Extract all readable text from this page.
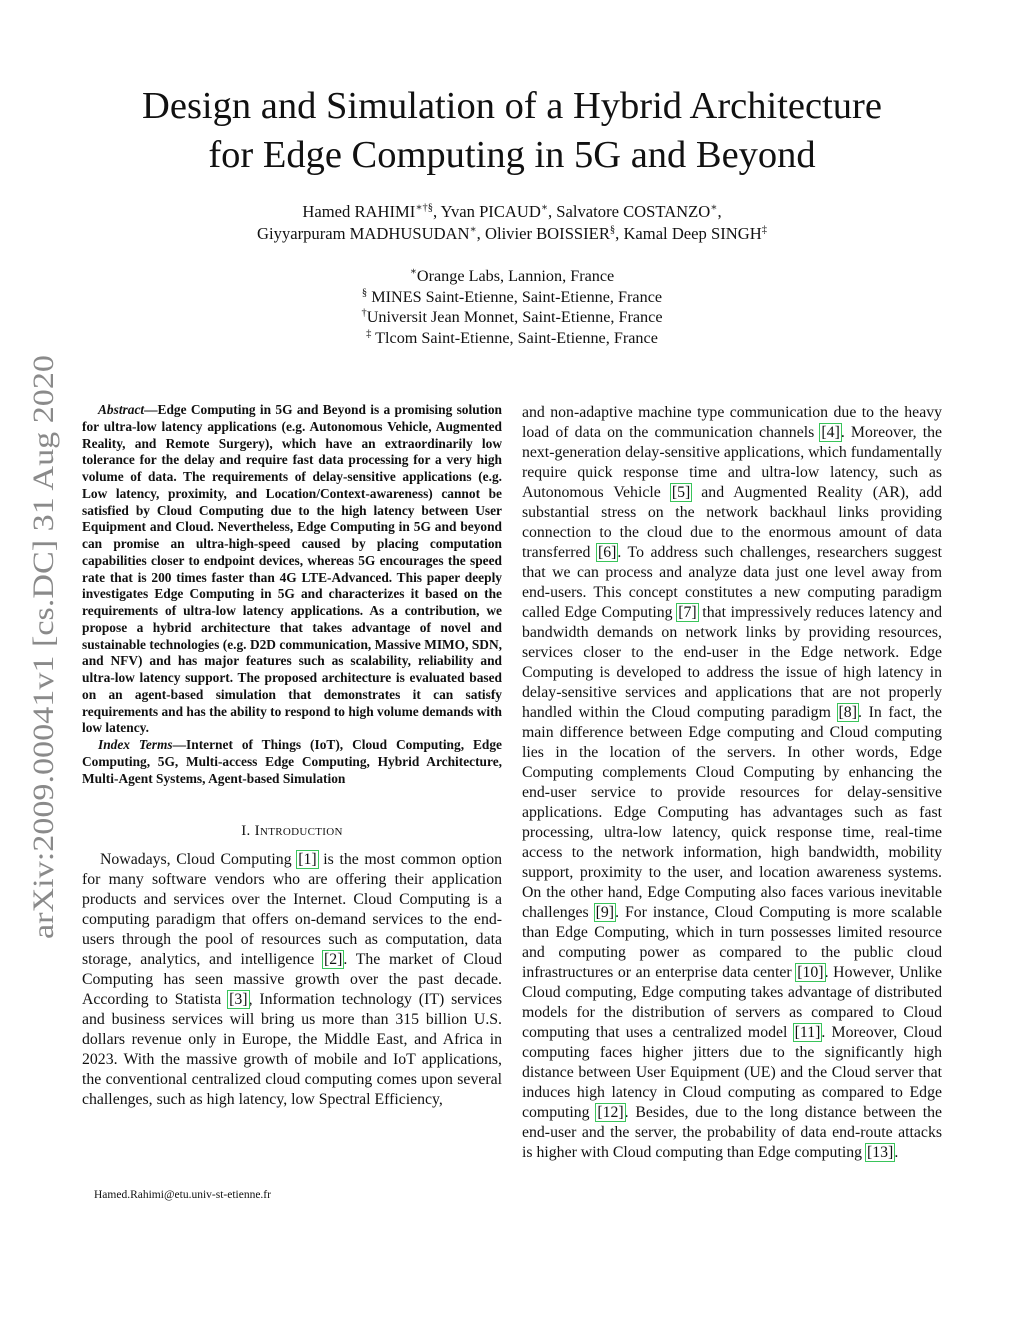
arXiv:2009.00041v1 [cs.DC] 31 Aug 2020
Design and Simulation of a Hybrid Architecture
for Edge Computing in 5G and Beyond
Hamed RAHIMI∗†§, Yvan PICAUD∗, Salvatore COSTANZO∗,
Giyyarpuram MADHUSUDAN∗, Olivier BOISSIER§, Kamal Deep SINGH‡
∗Orange Labs, Lannion, France
§ MINES Saint-Etienne, Saint-Etienne, France
†Universit Jean Monnet, Saint-Etienne, France
‡ Tlcom Saint-Etienne, Saint-Etienne, France

Abstract—Edge Computing in 5G and Beyond is a promising solution for ultra-low latency applications (e.g. Autonomous Vehicle, Augmented Reality, and Remote Surgery), which have an extraordinarily low tolerance for the delay and require fast data processing for a very high volume of data. The requirements of delay-sensitive applications (e.g. Low latency, proximity, and Location/Context-awareness) cannot be satisfied by Cloud Computing due to the high latency between User Equipment and Cloud. Nevertheless, Edge Computing in 5G and beyond can promise an ultra-high-speed caused by placing computation capabilities closer to endpoint devices, whereas 5G encourages the speed rate that is 200 times faster than 4G LTE-Advanced. This paper deeply investigates Edge Computing in 5G and characterizes it based on the requirements of ultra-low latency applications. As a contribution, we propose a hybrid architecture that takes advantage of novel and sustainable technologies (e.g. D2D communication, Massive MIMO, SDN, and NFV) and has major features such as scalability, reliability and ultra-low latency support. The proposed architecture is evaluated based on an agent-based simulation that demonstrates it can satisfy requirements and has the ability to respond to high volume demands with low latency.

Index Terms—Internet of Things (IoT), Cloud Computing, Edge Computing, 5G, Multi-access Edge Computing, Hybrid Architecture, Multi-Agent Systems, Agent-based Simulation

I. Introduction

Nowadays, Cloud Computing [1] is the most common option for many software vendors who are offering their application products and services over the Internet. Cloud Computing is a computing paradigm that offers on-demand services to the end-users through the pool of resources such as computation, data storage, analytics, and intelligence [2]. The market of Cloud Computing has seen massive growth over the past decade. According to Statista [3], Information technology (IT) services and business services will bring us more than 315 billion U.S. dollars revenue only in Europe, the Middle East, and Africa in 2023. With the massive growth of mobile and IoT applications, the conventional centralized cloud computing comes upon several challenges, such as high latency, low Spectral Efficiency,

and non-adaptive machine type communication due to the heavy load of data on the communication channels [4]. Moreover, the next-generation delay-sensitive applications, which fundamentally require quick response time and ultra-low latency, such as Autonomous Vehicle [5] and Augmented Reality (AR), add substantial stress on the network backhaul links providing connection to the cloud due to the enormous amount of data transferred [6]. To address such challenges, researchers suggest that we can process and analyze data just one level away from end-users. This concept constitutes a new computing paradigm called Edge Computing [7] that impressively reduces latency and bandwidth demands on network links by providing resources, services closer to the end-user in the Edge network. Edge Computing is developed to address the issue of high latency in delay-sensitive services and applications that are not properly handled within the Cloud computing paradigm [8]. In fact, the main difference between Edge computing and Cloud computing lies in the location of the servers. In other words, Edge Computing complements Cloud Computing by enhancing the end-user service to provide resources for delay-sensitive applications. Edge Computing has advantages such as fast processing, ultra-low latency, quick response time, real-time access to the network information, high bandwidth, mobility support, proximity to the user, and location awareness systems. On the other hand, Edge Computing also faces various inevitable challenges [9]. For instance, Cloud Computing is more scalable than Edge Computing, which in turn possesses limited resource and computing power as compared to the public cloud infrastructures or an enterprise data center [10]. However, Unlike Cloud computing, Edge computing takes advantage of distributed models for the distribution of servers as compared to Cloud computing that uses a centralized model [11]. Moreover, Cloud computing faces higher jitters due to the significantly high distance between User Equipment (UE) and the Cloud server that induces high latency in Cloud computing as compared to Edge computing [12]. Besides, due to the long distance between the end-user and the server, the probability of data end-route attacks is higher with Cloud computing than Edge computing [13].

Hamed.Rahimi@etu.univ-st-etienne.fr
